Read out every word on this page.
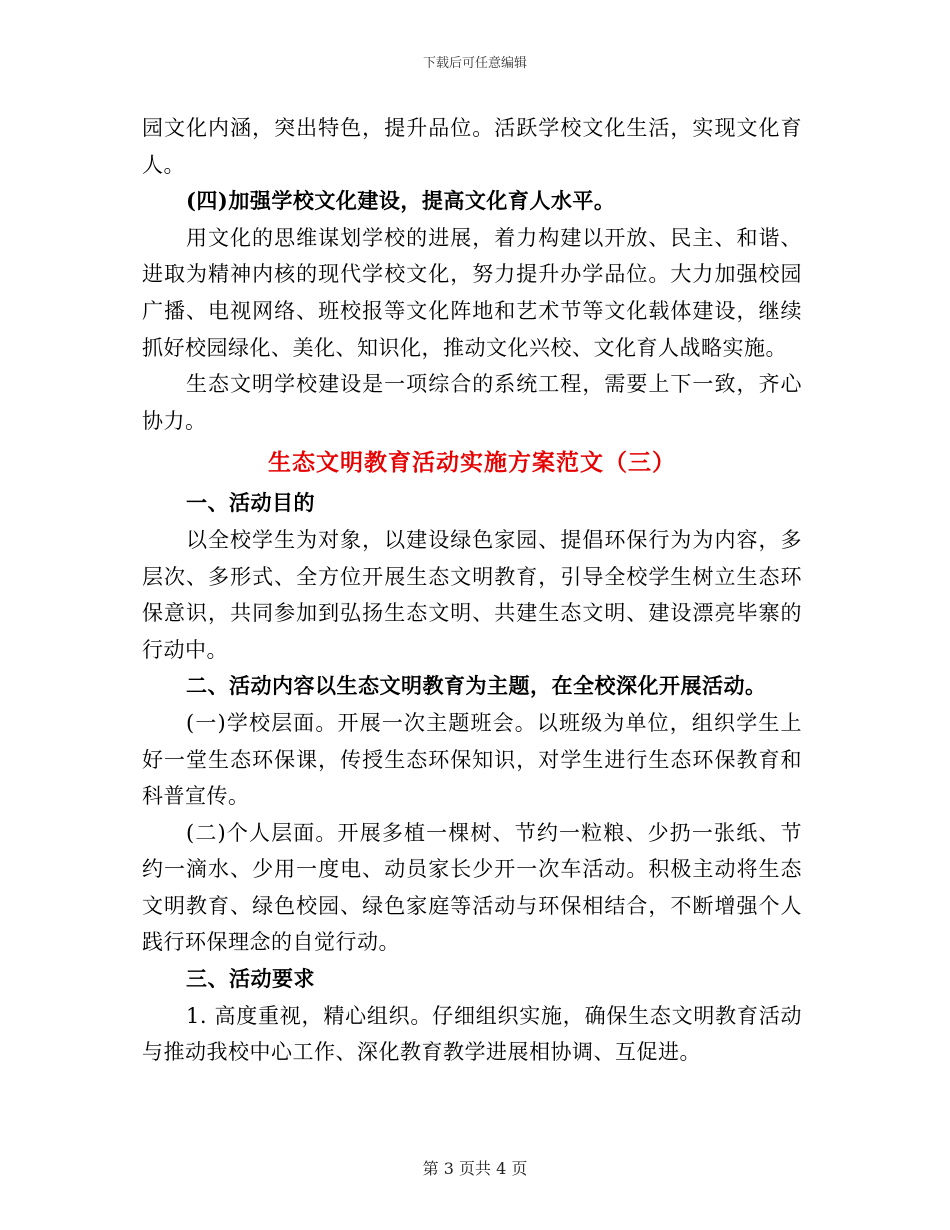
下载后可任意编辑

园文化内涵，突出特色，提升品位。活跃学校文化生活，实现文化育人。

(四)加强学校文化建设，提高文化育人水平。

用文化的思维谋划学校的进展，着力构建以开放、民主、和谐、进取为精神内核的现代学校文化，努力提升办学品位。大力加强校园广播、电视网络、班校报等文化阵地和艺术节等文化载体建设，继续抓好校园绿化、美化、知识化，推动文化兴校、文化育人战略实施。

生态文明学校建设是一项综合的系统工程，需要上下一致，齐心协力。

生态文明教育活动实施方案范文（三）

一、活动目的

以全校学生为对象，以建设绿色家园、提倡环保行为为内容，多层次、多形式、全方位开展生态文明教育，引导全校学生树立生态环保意识，共同参加到弘扬生态文明、共建生态文明、建设漂亮毕寨的行动中。

二、活动内容以生态文明教育为主题，在全校深化开展活动。

(一)学校层面。开展一次主题班会。以班级为单位，组织学生上好一堂生态环保课，传授生态环保知识，对学生进行生态环保教育和科普宣传。

(二)个人层面。开展多植一棵树、节约一粒粮、少扔一张纸、节约一滴水、少用一度电、动员家长少开一次车活动。积极主动将生态文明教育、绿色校园、绿色家庭等活动与环保相结合，不断增强个人践行环保理念的自觉行动。

三、活动要求

1. 高度重视，精心组织。仔细组织实施，确保生态文明教育活动与推动我校中心工作、深化教育教学进展相协调、互促进。

第 3 页共 4 页
